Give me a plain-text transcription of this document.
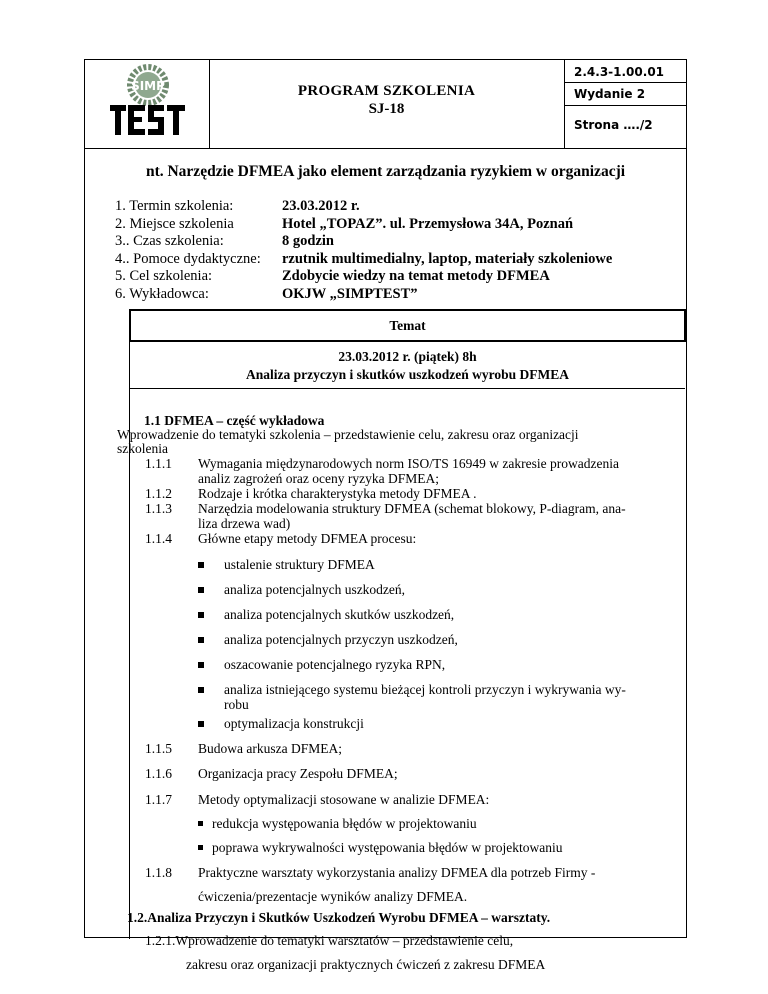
SIMP	PROGRAM SZKOLENIA
SJ-18
2.4.3-1.00.01
Wydanie 2
Strona …./2
nt. Narzędzie DFMEA jako element zarządzania ryzykiem w organizacji
1. Termin szkolenia:	23.03.2012 r.
2. Miejsce szkolenia	Hotel „TOPAZ”. ul. Przemysłowa 34A, Poznań
3.. Czas szkolenia:	8 godzin
4.. Pomoce dydaktyczne: rzutnik multimedialny, laptop, materiały szkoleniowe
5. Cel szkolenia:	Zdobycie wiedzy na temat metody DFMEA
6. Wykładowca:	OKJW „SIMPTEST”
Temat
23.03.2012 r. (piątek) 8h
Analiza przyczyn i skutków uszkodzeń wyrobu DFMEA
1.1 DFMEA – część wykładowa
Wprowadzenie do tematyki szkolenia – przedstawienie celu, zakresu oraz organizacji
szkolenia
1.1.1 Wymagania międzynarodowych norm ISO/TS 16949 w zakresie prowadzenia
analiz zagrożeń oraz oceny ryzyka DFMEA;
1.1.2 Rodzaje i krótka charakterystyka metody DFMEA .
1.1.3 Narzędzia modelowania struktury DFMEA (schemat blokowy, P-diagram, ana-
liza drzewa wad)
1.1.4 Główne etapy metody DFMEA procesu:
ustalenie struktury DFMEA
analiza potencjalnych uszkodzeń,
analiza potencjalnych skutków uszkodzeń,
analiza potencjalnych przyczyn uszkodzeń,
oszacowanie potencjalnego ryzyka RPN,
analiza istniejącego systemu bieżącej kontroli przyczyn i wykrywania wy-
robu
optymalizacja konstrukcji
1.1.5 Budowa arkusza DFMEA;
1.1.6 Organizacja pracy Zespołu DFMEA;
1.1.7 Metody optymalizacji stosowane w analizie DFMEA:
redukcja występowania błędów w projektowaniu
poprawa wykrywalności występowania błędów w projektowaniu
1.1.8 Praktyczne warsztaty wykorzystania analizy DFMEA dla potrzeb Firmy -
ćwiczenia/prezentacje wyników analizy DFMEA.
1.2.Analiza Przyczyn i Skutków Uszkodzeń Wyrobu DFMEA – warsztaty.
1.2.1.Wprowadzenie do tematyki warsztatów – przedstawienie celu,
zakresu oraz organizacji praktycznych ćwiczeń z zakresu DFMEA
